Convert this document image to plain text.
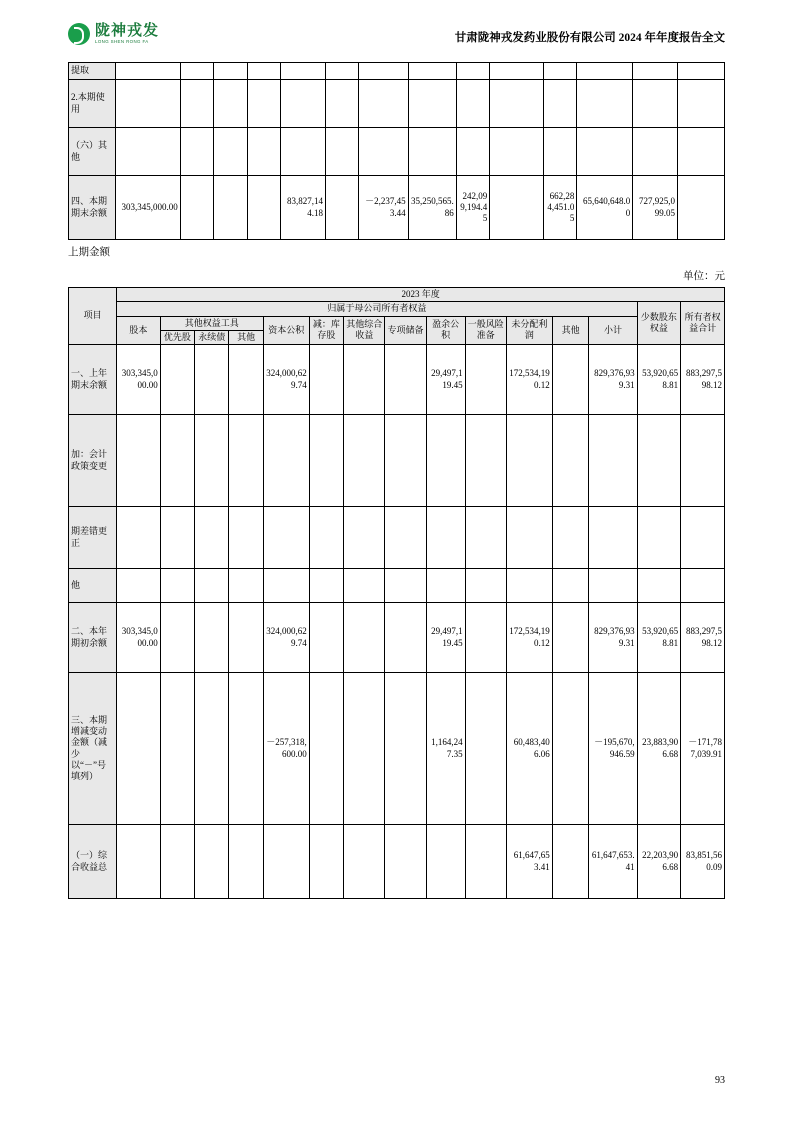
陇神戎发
LONG SHEN RONG FA	甘肃陇神戎发药业股份有限公司 2024 年年度报告全文
提取														
2.本期使用														
（六）其他														
四、本期期末余额	303,345,000.00				83,827,144.18		－2,237,453.44	35,250,565.86	242,099,194.45		662,284,451.05	65,640,648.00	727,925,099.05	
上期金额
单位：元
项目	2023 年度														
	归属于母公司所有者权益													少数股东权益	所有者权益合计
	股本	其他权益工具			资本公积	减：库存股	其他综合收益	专项储备	盈余公积	一般风险准备	未分配利润	其他	小计		
		优先股	永续债	其他											
一、上年期末余额	303,345,000.00				324,000,629.74				29,497,119.45		172,534,190.12		829,376,939.31	53,920,658.81	883,297,598.12
加：会计政策变更															
期差错更正															
他															
二、本年期初余额	303,345,000.00				324,000,629.74				29,497,119.45		172,534,190.12		829,376,939.31	53,920,658.81	883,297,598.12
三、本期增减变动金额（减少以“－”号填列）					－257,318,600.00				1,164,247.35		60,483,406.06		－195,670,946.59	23,883,906.68	－171,787,039.91
（一）综合收益总											61,647,653.41		61,647,653.41	22,203,906.68	83,851,560.09
93
